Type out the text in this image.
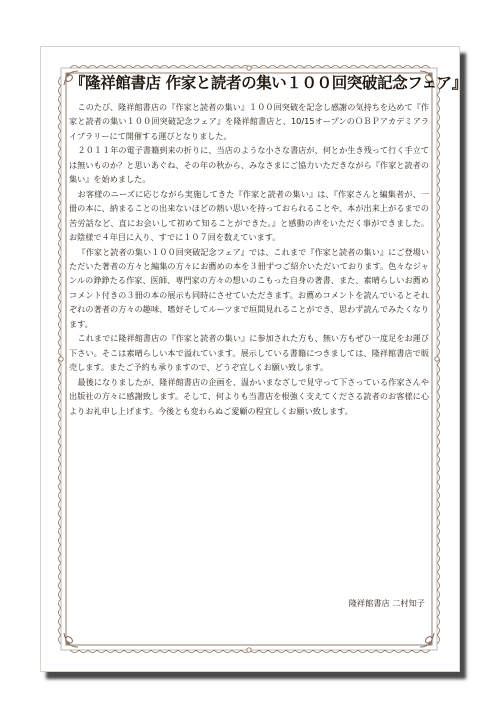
『隆祥館書店 作家と読者の集い１００回突破記念フェア』

このたび、隆祥館書店の『作家と読者の集い』１００回突破を記念し感謝の気持ちを込めて『作家と読者の集い１００回突破記念フェア』を隆祥館書店と、10/15オープンのＯＢＰアカデミアライブラリーにて開催する運びとなりました。

２０１１年の電子書籍到来の折りに、当店のような小さな書店が、何とか生き残って行く手立ては無いものか？と思いあぐね、その年の秋から、みなさまにご協力いただきながら『作家と読者の集い』を始めました。

お客様のニーズに応じながら実施してきた『作家と読者の集い』は、『作家さんと編集者が、一冊の本に、納まることの出来ないほどの熱い思いを持っておられることや、本が出来上がるまでの苦労話など、直にお会いして初めて知ることができた。』と感動の声をいただく事ができました。お陰様で４年目に入り、すでに１０７回を数えています。

『作家と読者の集い１００回突破記念フェア』では、これまで『作家と読者の集い』にご登場いただいた著者の方々と編集の方々にお薦めの本を３冊ずつご紹介いただいております。色々なジャンルの錚錚たる作家、医師、専門家の方々の想いのこもった自身の著書、また、素晴らしいお薦めコメント付きの３冊の本の展示も同時にさせていただきます。お薦めコメントを読んでいるとそれぞれの著者の方々の趣味、嗜好そしてルーツまで垣間見れることができ、思わず読んでみたくなります。

これまでに隆祥館書店の『作家と読者の集い』に参加された方も、無い方もぜひ一度足をお運び下さい。そこは素晴らしい本で溢れています。展示している書籍につきましては、隆祥館書店で販売します。またご予約も承りますので、どうぞ宜しくお願い致します。

最後になりましたが、隆祥館書店の企画を、温かいまなざしで見守って下さっている作家さんや出版社の方々に感謝致します。そして、何よりも当書店を根強く支えてくださる読者のお客様に心よりお礼申し上げます。今後とも変わらぬご愛顧の程宜しくお願い致します。

隆祥館書店 二村知子
